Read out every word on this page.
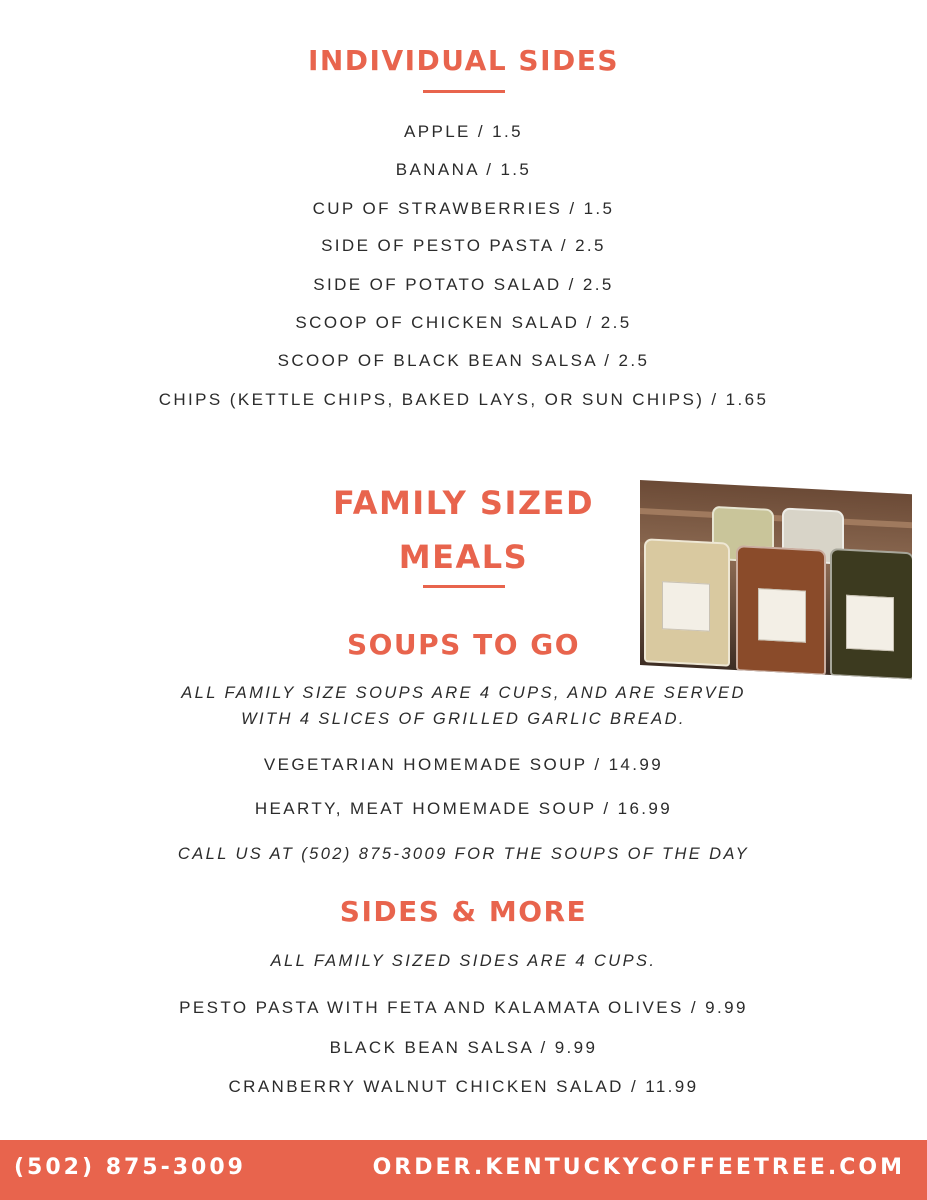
INDIVIDUAL SIDES
APPLE / 1.5
BANANA / 1.5
CUP OF STRAWBERRIES / 1.5
SIDE OF PESTO PASTA / 2.5
SIDE OF POTATO SALAD / 2.5
SCOOP OF CHICKEN SALAD / 2.5
SCOOP OF BLACK BEAN SALSA / 2.5
CHIPS (KETTLE CHIPS, BAKED LAYS, OR SUN CHIPS) / 1.65
FAMILY SIZED
MEALS
SOUPS TO GO
ALL FAMILY SIZE SOUPS ARE 4 CUPS, AND ARE SERVED
WITH 4 SLICES OF GRILLED GARLIC BREAD.
VEGETARIAN HOMEMADE SOUP / 14.99
HEARTY, MEAT HOMEMADE SOUP / 16.99
CALL US AT (502) 875-3009 FOR THE SOUPS OF THE DAY
SIDES & MORE
ALL FAMILY SIZED SIDES ARE 4 CUPS.
PESTO PASTA WITH FETA AND KALAMATA OLIVES / 9.99
BLACK BEAN SALSA / 9.99
CRANBERRY WALNUT CHICKEN SALAD / 11.99
(502) 875-3009	ORDER.KENTUCKYCOFFEETREE.COM
